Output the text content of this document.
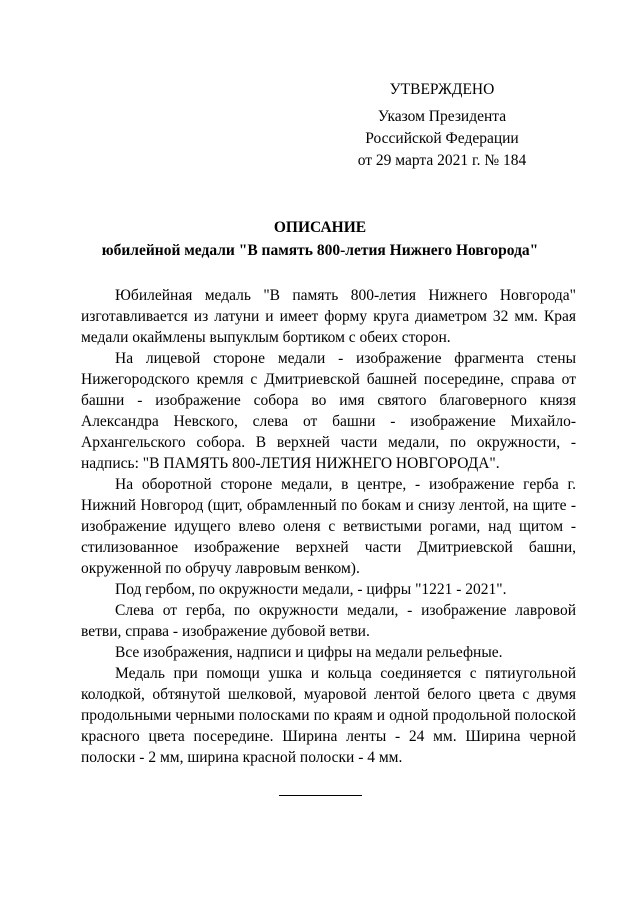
УТВЕРЖДЕНО
Указом Президента
Российской Федерации
от 29 марта 2021 г. № 184
ОПИСАНИЕ
юбилейной медали "В память 800-летия Нижнего Новгорода"

Юбилейная медаль "В память 800-летия Нижнего Новгорода" изготавливается из латуни и имеет форму круга диаметром 32 мм. Края медали окаймлены выпуклым бортиком с обеих сторон.

На лицевой стороне медали - изображение фрагмента стены Нижегородского кремля с Дмитриевской башней посередине, справа от башни - изображение собора во имя святого благоверного князя Александра Невского, слева от башни - изображение Михайло-Архангельского собора. В верхней части медали, по окружности, - надпись: "В ПАМЯТЬ 800-ЛЕТИЯ НИЖНЕГО НОВГОРОДА".

На оборотной стороне медали, в центре, - изображение герба г. Нижний Новгород (щит, обрамленный по бокам и снизу лентой, на щите - изображение идущего влево оленя с ветвистыми рогами, над щитом - стилизованное изображение верхней части Дмитриевской башни, окруженной по обручу лавровым венком).

Под гербом, по окружности медали, - цифры "1221 - 2021".

Слева от герба, по окружности медали, - изображение лавровой ветви, справа - изображение дубовой ветви.

Все изображения, надписи и цифры на медали рельефные.

Медаль при помощи ушка и кольца соединяется с пятиугольной колодкой, обтянутой шелковой, муаровой лентой белого цвета с двумя продольными черными полосками по краям и одной продольной полоской красного цвета посередине. Ширина ленты - 24 мм. Ширина черной полоски - 2 мм, ширина красной полоски - 4 мм.
